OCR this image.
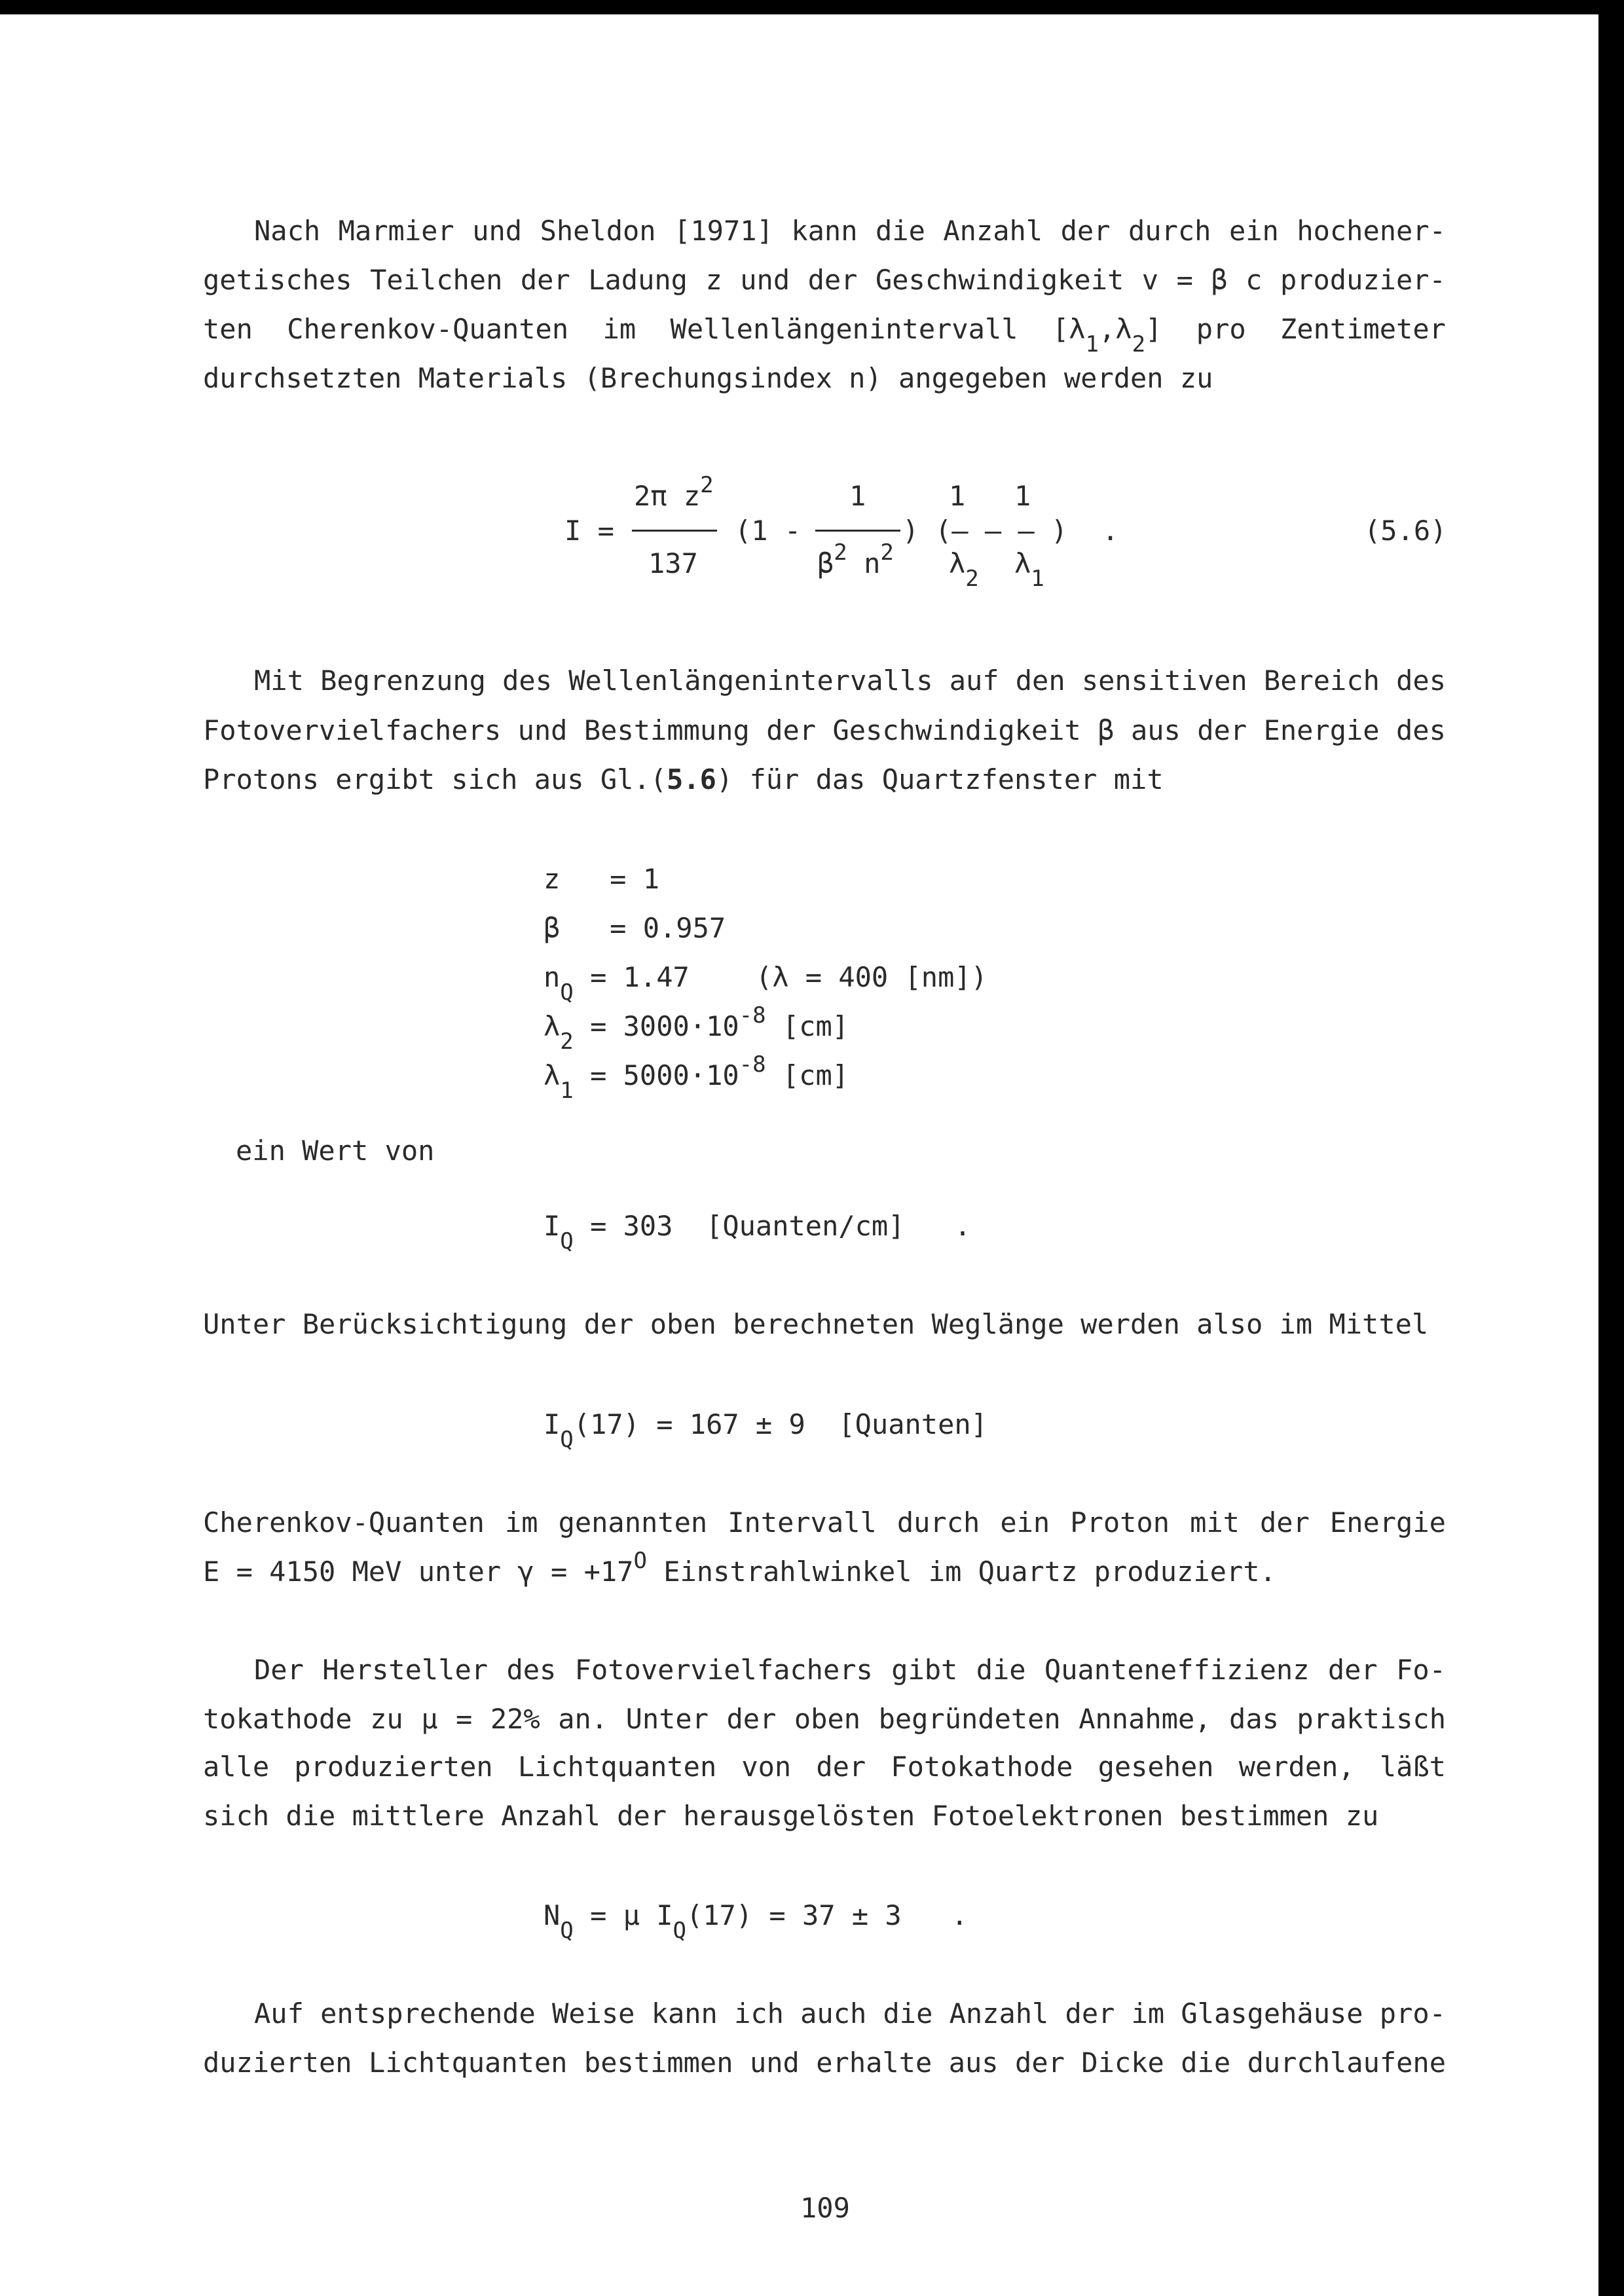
Nach Marmier und Sheldon [1971] kann die Anzahl der durch ein hochener-
getisches Teilchen der Ladung z und der Geschwindigkeit v = β c produzier-
ten Cherenkov-Quanten im Wellenlängenintervall $[\lambda_1,\lambda_2]$ pro Zentimeter
durchsetzten Materials (Brechungsindex n) angegeben werden zu
I =
2π $z^2$
137
(1 -
1
$\beta^2$ $n^2$
)
1 1
(— — — )
$\lambda_2$ $\lambda_1$
.	(5.6)
Mit Begrenzung des Wellenlängenintervalls auf den sensitiven Bereich des
Fotovervielfachers und Bestimmung der Geschwindigkeit β aus der Energie des
Protons ergibt sich aus Gl.(5.6) für das Quartzfenster mit
z   = 1
β   = 0.957
$n_Q = 1.47$    (λ = 400 [nm])
$\lambda_2 = 3000\cdot 10^{-8}$ [cm]
$\lambda_1 = 5000\cdot 10^{-8}$ [cm]
ein Wert von
$I_Q = 303$  [Quanten/cm]   .
Unter Berücksichtigung der oben berechneten Weglänge werden also im Mittel
$I_Q(17) = 167 \pm 9$  [Quanten]
Cherenkov-Quanten im genannten Intervall durch ein Proton mit der Energie
E = 4150 MeV unter $\gamma = +17^O$ Einstrahlwinkel im Quartz produziert.
Der Hersteller des Fotovervielfachers gibt die Quanteneffizienz der Fo-
tokathode zu μ = 22% an. Unter der oben begründeten Annahme, das praktisch
alle produzierten Lichtquanten von der Fotokathode gesehen werden, läßt
sich die mittlere Anzahl der herausgelösten Fotoelektronen bestimmen zu
$N_Q = \mu$ $I_Q(17) = 37 \pm 3$   .
Auf entsprechende Weise kann ich auch die Anzahl der im Glasgehäuse pro-
duzierten Lichtquanten bestimmen und erhalte aus der Dicke die durchlaufene
109
